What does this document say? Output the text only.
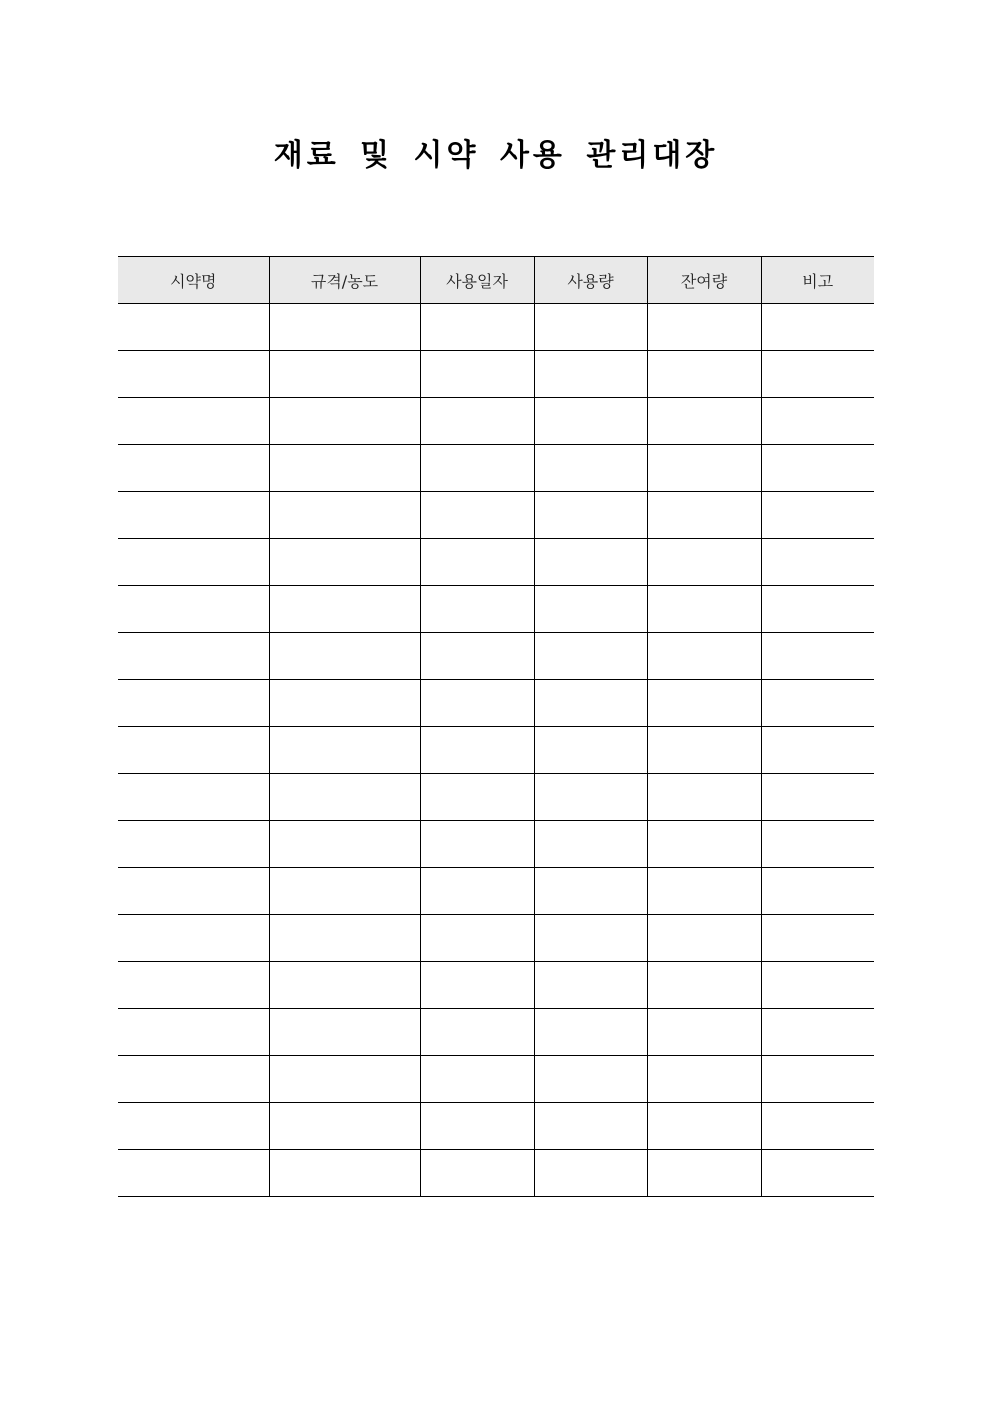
재료 및 시약 사용 관리대장
시약명	규격/농도	사용일자	사용량	잔여량	비고
